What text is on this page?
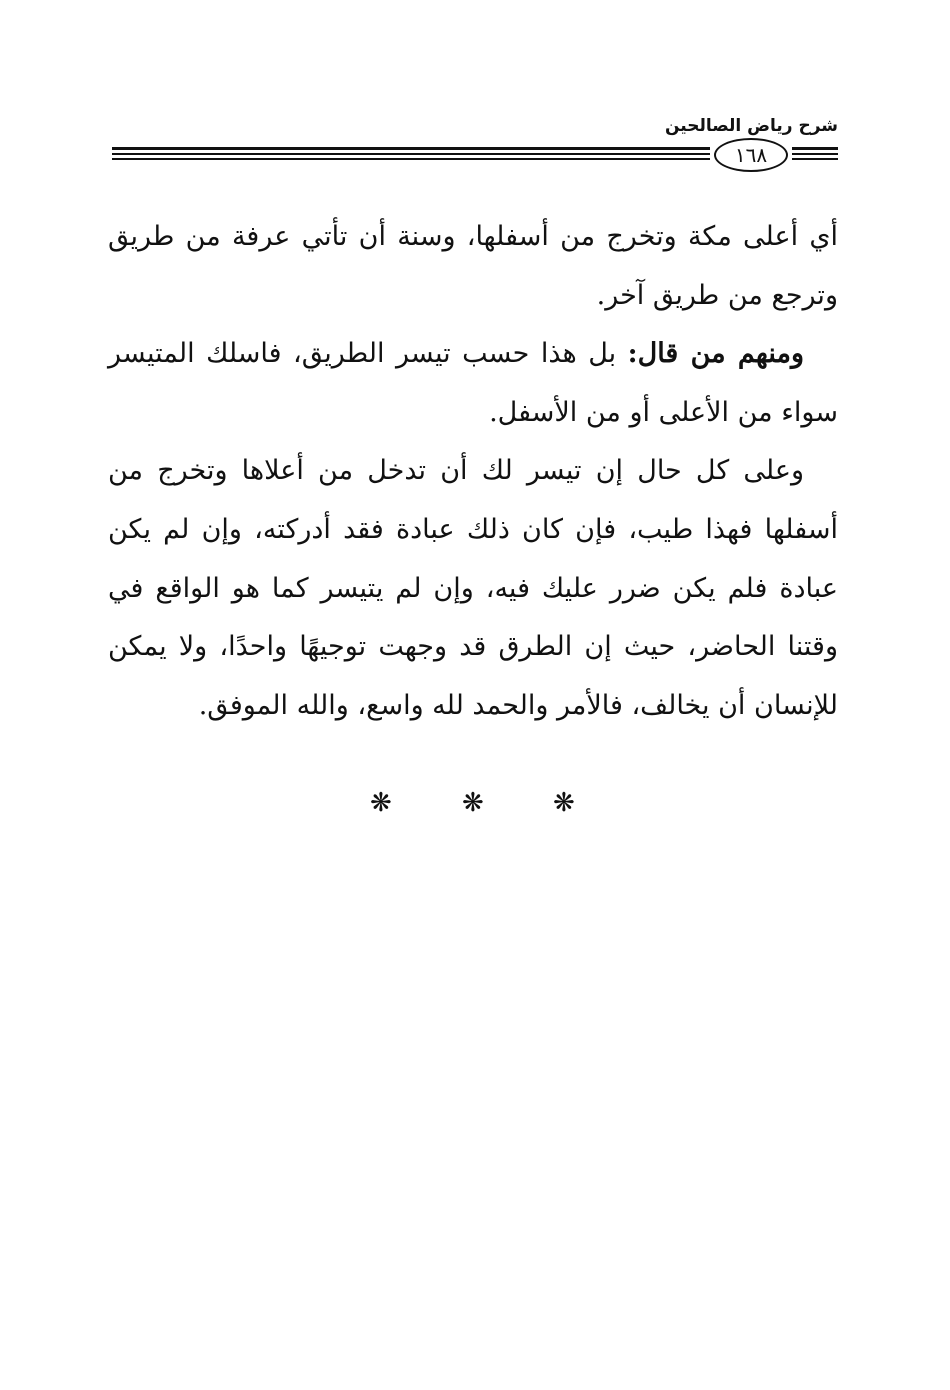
شرح رياض الصالحين
١٦٨

أي أعلى مكة وتخرج من أسفلها، وسنة أن تأتي عرفة من طريق وترجع من طريق آخر.

ومنهم من قال: بل هذا حسب تيسر الطريق، فاسلك المتيسر سواء من الأعلى أو من الأسفل.

وعلى كل حال إن تيسر لك أن تدخل من أعلاها وتخرج من أسفلها فهذا طيب، فإن كان ذلك عبادة فقد أدركته، وإن لم يكن عبادة فلم يكن ضرر عليك فيه، وإن لم يتيسر كما هو الواقع في وقتنا الحاضر، حيث إن الطرق قد وجهت توجيهًا واحدًا، ولا يمكن للإنسان أن يخالف، فالأمر والحمد لله واسع، والله الموفق.

❋	❋	❋
